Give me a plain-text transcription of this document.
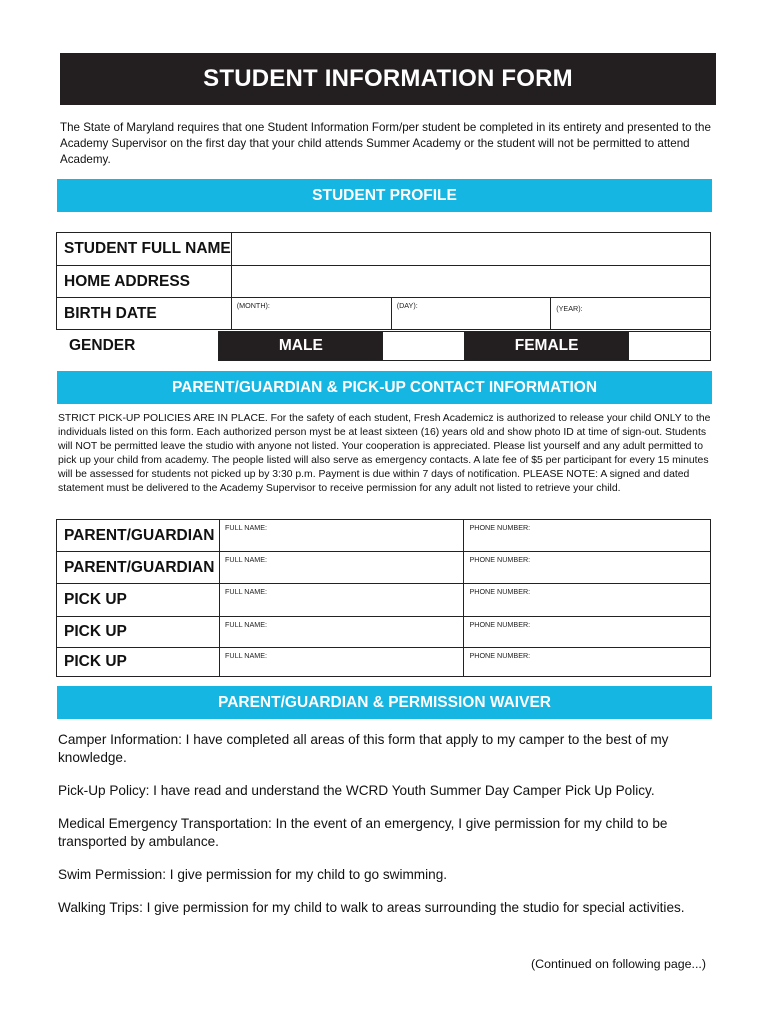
STUDENT INFORMATION FORM
The State of Maryland requires that one Student Information Form/per student be completed in its entirety and presented to the Academy Supervisor on the first day that your child attends Summer Academy or the student will not be permitted to attend Academy.
STUDENT PROFILE
STUDENT FULL NAME			
HOME ADDRESS			
BIRTH DATE	(MONTH):	(DAY):	(YEAR):
GENDER	MALE		FEMALE	
PARENT/GUARDIAN & PICK-UP CONTACT INFORMATION
STRICT PICK-UP POLICIES ARE IN PLACE. For the safety of each student, Fresh Academicz is authorized to release your child ONLY to the individuals listed on this form. Each authorized person myst be at least sixteen (16) years old and show photo ID at time of sign-out. Students will NOT be permitted leave the studio with anyone not listed. Your cooperation is appreciated. Please list yourself and any adult permitted to pick up your child from academy. The people listed will also serve as emergency contacts. A late fee of $5 per participant for every 15 minutes will be assessed for students not picked up by 3:30 p.m. Payment is due within 7 days of notification. PLEASE NOTE: A signed and dated statement must be delivered to the Academy Supervisor to receive permission for any adult not listed to retrieve your child.
PARENT/GUARDIAN	FULL NAME:	PHONE NUMBER:
PARENT/GUARDIAN	FULL NAME:	PHONE NUMBER:
PICK UP	FULL NAME:	PHONE NUMBER:
PICK UP	FULL NAME:	PHONE NUMBER:
PICK UP	FULL NAME:	PHONE NUMBER:
PARENT/GUARDIAN & PERMISSION WAIVER

Camper Information: I have completed all areas of this form that apply to my camper to the best of my knowledge.

Pick-Up Policy: I have read and understand the WCRD Youth Summer Day Camper Pick Up Policy.

Medical Emergency Transportation: In the event of an emergency, I give permission for my child to be transported by ambulance.

Swim Permission: I give permission for my child to go swimming.

Walking Trips: I give permission for my child to walk to areas surrounding the studio for special activities.

(Continued on following page...)
